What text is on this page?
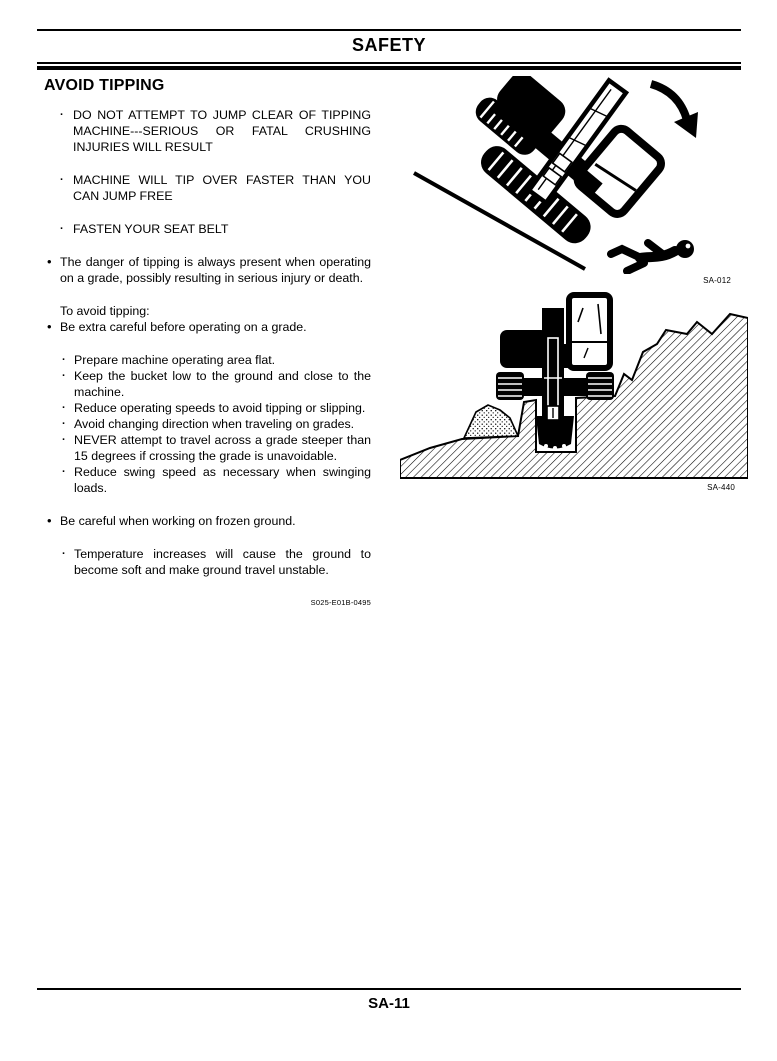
SAFETY
AVOID TIPPING
· DO NOT ATTEMPT TO JUMP CLEAR OF TIPPING MACHINE---SERIOUS OR FATAL CRUSHING INJURIES WILL RESULT
· MACHINE WILL TIP OVER FASTER THAN YOU CAN JUMP FREE
· FASTEN YOUR SEAT BELT
• The danger of tipping is always present when operating on a grade, possibly resulting in serious injury or death.
To avoid tipping:
• Be extra careful before operating on a grade.
· Prepare machine operating area flat.
· Keep the bucket low to the ground and close to the machine.
· Reduce operating speeds to avoid tipping or slipping.
· Avoid changing direction when traveling on grades.
· NEVER attempt to travel across a grade steeper than 15 degrees if crossing the grade is unavoidable.
· Reduce swing speed as necessary when swinging loads.
• Be careful when working on frozen ground.
· Temperature increases will cause the ground to become soft and make ground travel unstable.
S025-E01B-0495
SA-012
SA-440
SA-11
